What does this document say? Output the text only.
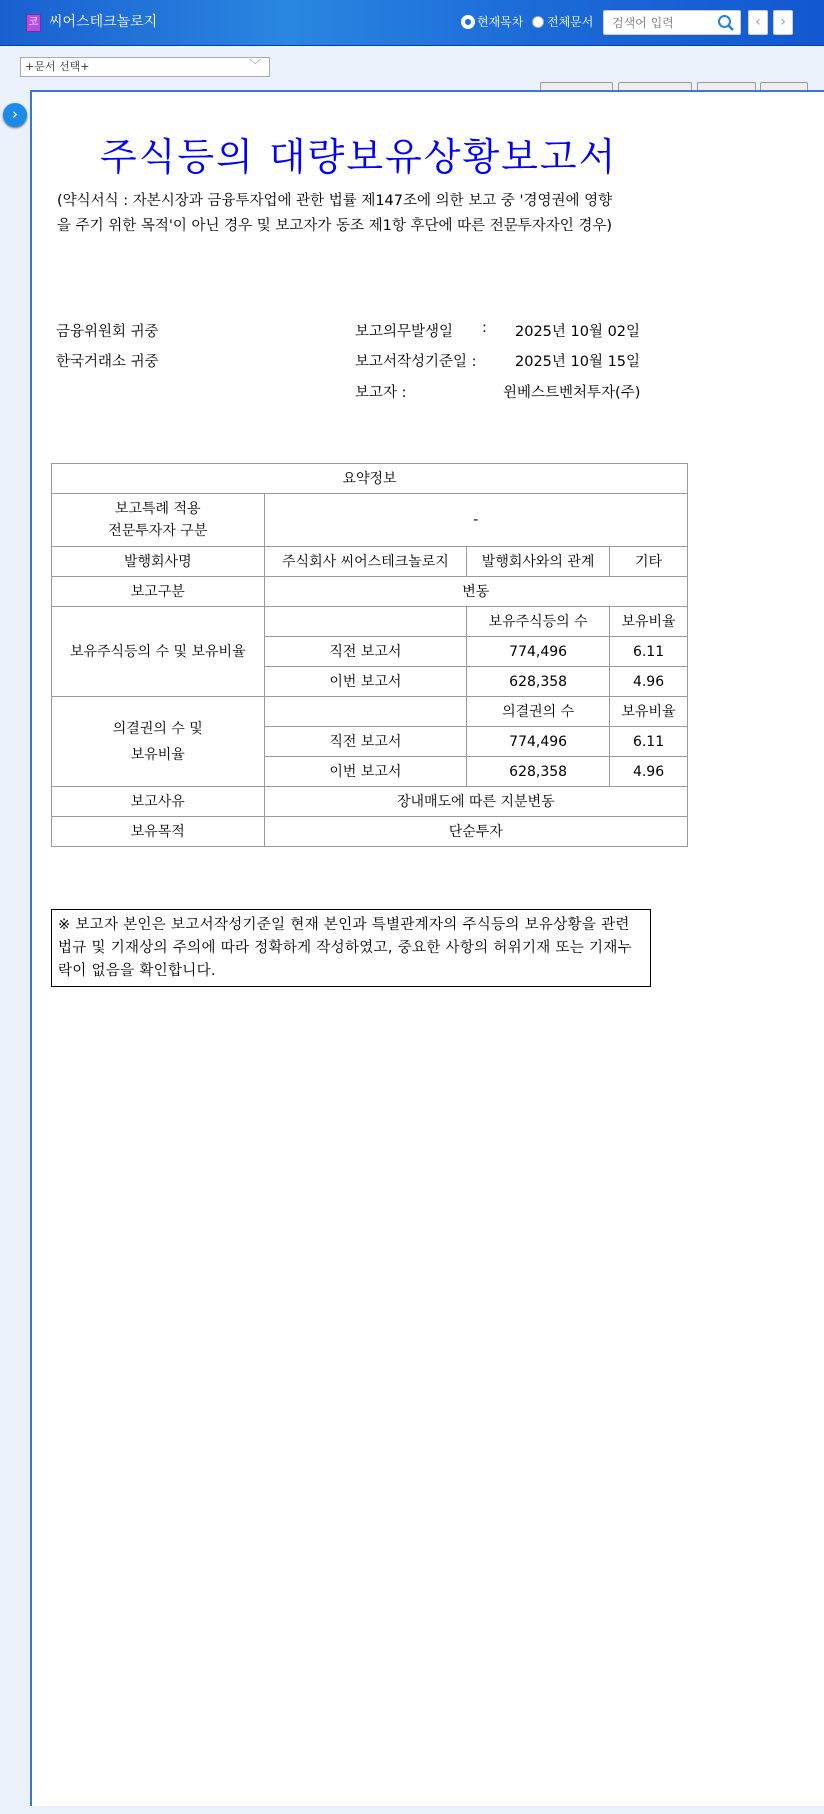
코 씨어스테크놀로지	현재목차 전체문서
검색어 입력	‹	›
+문서 선택+	﹀
›
주식등의 대량보유상황보고서
(약식서식 : 자본시장과 금융투자업에 관한 법률 제147조에 의한 보고 중 '경영권에 영향
을 주기 위한 목적'이 아닌 경우 및 보고자가 동조 제1항 후단에 따른 전문투자자인 경우)
금융위원회 귀중
한국거래소 귀중
보고의무발생일 : 2025년 10월 02일
보고서작성기준일 :	2025년 10월 15일
보고자 :	윈베스트벤처투자(주)
요약정보			
보고특례 적용
전문투자자 구분	-		
발행회사명	주식회사 씨어스테크놀로지	발행회사와의 관계	기타
보고구분	변동		
보유주식등의 수 및 보유비율		보유주식등의 수	보유비율
	직전 보고서	774,496	6.11
	이번 보고서	628,358	4.96
의결권의 수 및
보유비율		의결권의 수	보유비율
	직전 보고서	774,496	6.11
	이번 보고서	628,358	4.96
보고사유	장내매도에 따른 지분변동		
보유목적	단순투자		
※ 보고자 본인은 보고서작성기준일 현재 본인과 특별관계자의 주식등의 보유상황을 관련 법규 및 기재상의 주의에 따라 정확하게 작성하였고, 중요한 사항의 허위기재 또는 기재누락이 없음을 확인합니다.
